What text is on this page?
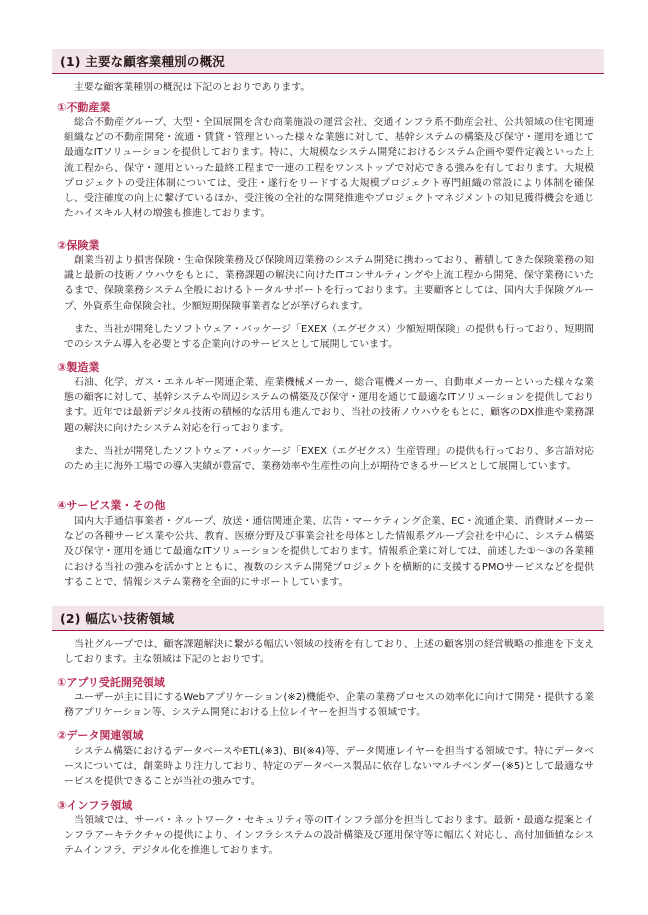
(1) 主要な顧客業種別の概況
主要な顧客業種別の概況は下記のとおりであります。
①不動産業
総合不動産グループ、大型・全国展開を含む商業施設の運営会社、交通インフラ系不動産会社、公共領域の住宅関連組織などの不動産開発・流通・賃貸・管理といった様々な業態に対して、基幹システムの構築及び保守・運用を通じて最適なITソリューションを提供しております。特に、大規模なシステム開発におけるシステム企画や要件定義といった上流工程から、保守・運用といった最終工程まで一連の工程をワンストップで対応できる強みを有しております。大規模プロジェクトの受注体制については、受注・遂行をリードする大規模プロジェクト専門組織の常設により体制を確保し、受注確度の向上に繋げているほか、受注後の全社的な開発推進やプロジェクトマネジメントの知見獲得機会を通じたハイスキル人材の増強も推進しております。
②保険業
創業当初より損害保険・生命保険業務及び保険周辺業務のシステム開発に携わっており、蓄積してきた保険業務の知識と最新の技術ノウハウをもとに、業務課題の解決に向けたITコンサルティングや上流工程から開発、保守業務にいたるまで、保険業務システム全般におけるトータルサポートを行っております。主要顧客としては、国内大手保険グループ、外資系生命保険会社、少額短期保険事業者などが挙げられます。
また、当社が開発したソフトウェア・パッケージ「EXEX（エグゼクス）少額短期保険」の提供も行っており、短期間でのシステム導入を必要とする企業向けのサービスとして展開しています。
③製造業
石油、化学、ガス・エネルギー関連企業、産業機械メーカー、総合電機メーカー、自動車メーカーといった様々な業態の顧客に対して、基幹システムや周辺システムの構築及び保守・運用を通じて最適なITソリューションを提供しております。近年では最新デジタル技術の積極的な活用も進んでおり、当社の技術ノウハウをもとに、顧客のDX推進や業務課題の解決に向けたシステム対応を行っております。
また、当社が開発したソフトウェア・パッケージ「EXEX（エグゼクス）生産管理」の提供も行っており、多言語対応のため主に海外工場での導入実績が豊富で、業務効率や生産性の向上が期待できるサービスとして展開しています。
④サービス業・その他
国内大手通信事業者・グループ、放送・通信関連企業、広告・マーケティング企業、EC・流通企業、消費財メーカーなどの各種サービス業や公共、教育、医療分野及び事業会社を母体とした情報系グループ会社を中心に、システム構築及び保守・運用を通じて最適なITソリューションを提供しております。情報系企業に対しては、前述した①～③の各業種における当社の強みを活かすとともに、複数のシステム開発プロジェクトを横断的に支援するPMOサービスなどを提供することで、情報システム業務を全面的にサポートしています。
(2) 幅広い技術領域
当社グループでは、顧客課題解決に繋がる幅広い領域の技術を有しており、上述の顧客別の経営戦略の推進を下支えしております。主な領域は下記のとおりです。
①アプリ受託開発領域
ユーザーが主に目にするWebアプリケーション(※2)機能や、企業の業務プロセスの効率化に向けて開発・提供する業務アプリケーション等、システム開発における上位レイヤーを担当する領域です。
②データ関連領域
システム構築におけるデータベースやETL(※3)、BI(※4)等、データ関連レイヤーを担当する領域です。特にデータベースについては、創業時より注力しており、特定のデータベース製品に依存しないマルチベンダー(※5)として最適なサービスを提供できることが当社の強みです。
③インフラ領域
当領域では、サーバ・ネットワーク・セキュリティ等のITインフラ部分を担当しております。最新・最適な提案とインフラアーキテクチャの提供により、インフラシステムの設計構築及び運用保守等に幅広く対応し、高付加価値なシステムインフラ、デジタル化を推進しております。
